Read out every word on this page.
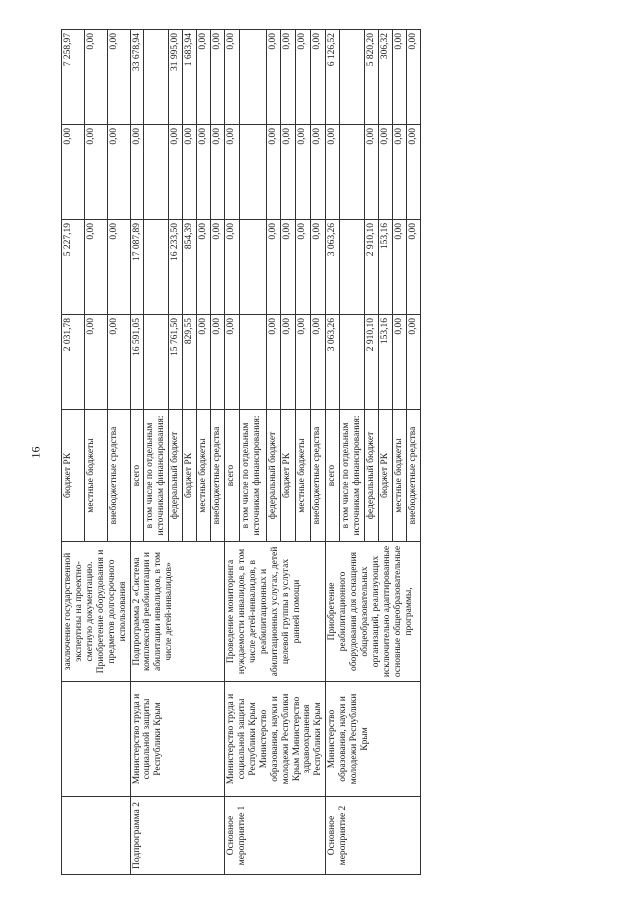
16
		заключение государственной экспертизы на проектно-сметную документацию. Приобретение оборудования и предметов долгосрочного использования	бюджет РК	2 031,78	5 227,19	0,00	7 258,97
			местные бюджеты	0,00	0,00	0,00	0,00
			внебюджетные средства	0,00	0,00	0,00	0,00
Подпрограмма 2	Министерство труда и социальной защиты Республики Крым	Подпрограмма 2 «Система комплексной реабилитации и абилитации инвалидов, в том числе детей-инвалидов»	всего	16 591,05	17 087,89	0,00	33 678,94
			в том числе по отдельным источникам финансирования:				
			федеральный бюджет	15 761,50	16 233,50	0,00	31 995,00
			бюджет РК	829,55	854,39	0,00	1 683,94
			местные бюджеты	0,00	0,00	0,00	0,00
			внебюджетные средства	0,00	0,00	0,00	0,00
Основное мероприятие 1	Министерство труда и социальной защиты Республики Крым Министерство образования, науки и молодежи Республики Крым Министерство здравоохранения Республики Крым	Проведение мониторинга нуждаемости инвалидов, в том числе детей-инвалидов, в реабилитационных и абилитационных услугах, детей целевой группы в услугах ранней помощи	всего	0,00	0,00	0,00	0,00
			в том числе по отдельным источникам финансирования:				
			федеральный бюджет	0,00	0,00	0,00	0,00
			бюджет РК	0,00	0,00	0,00	0,00
			местные бюджеты	0,00	0,00	0,00	0,00
			внебюджетные средства	0,00	0,00	0,00	0,00
Основное мероприятие 2	Министерство образования, науки и молодежи Республики Крым	Приобретение реабилитационного оборудования для оснащения общеобразовательных организаций, реализующих исключительно адаптированные основные общеобразовательные программы,	всего	3 063,26	3 063,26	0,00	6 126,52
			в том числе по отдельным источникам финансирования:				
			федеральный бюджет	2 910,10	2 910,10	0,00	5 820,20
			бюджет РК	153,16	153,16	0,00	306,32
			местные бюджеты	0,00	0,00	0,00	0,00
			внебюджетные средства	0,00	0,00	0,00	0,00
